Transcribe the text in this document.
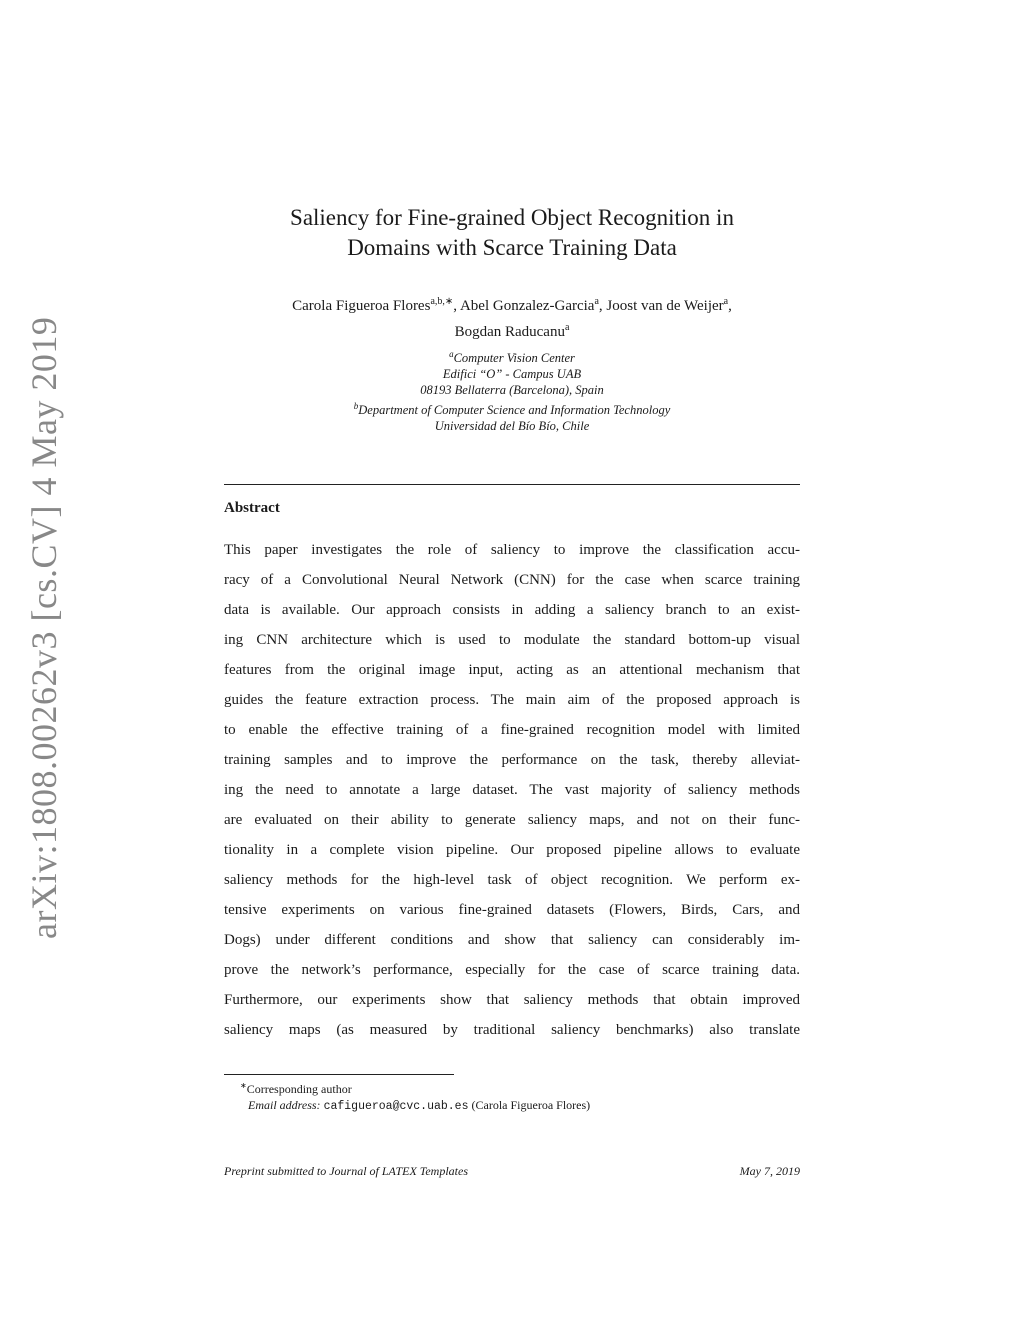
arXiv:1808.00262v3 [cs.CV] 4 May 2019
Saliency for Fine-grained Object Recognition in
Domains with Scarce Training Data
Carola Figueroa Flores$^{a,b,∗}$, Abel Gonzalez-Garcia$^a$, Joost van de Weijer$^a$,
Bogdan Raducanu$^a$
$^a$Computer Vision Center
Edifici “O” - Campus UAB
08193 Bellaterra (Barcelona), Spain
$^b$Department of Computer Science and Information Technology
Universidad del Bío Bío, Chile
Abstract
This paper investigates the role of saliency to improve the classification accu-
racy of a Convolutional Neural Network (CNN) for the case when scarce training
data is available. Our approach consists in adding a saliency branch to an exist-
ing CNN architecture which is used to modulate the standard bottom-up visual
features from the original image input, acting as an attentional mechanism that
guides the feature extraction process. The main aim of the proposed approach is
to enable the effective training of a fine-grained recognition model with limited
training samples and to improve the performance on the task, thereby alleviat-
ing the need to annotate a large dataset. The vast majority of saliency methods
are evaluated on their ability to generate saliency maps, and not on their func-
tionality in a complete vision pipeline. Our proposed pipeline allows to evaluate
saliency methods for the high-level task of object recognition. We perform ex-
tensive experiments on various fine-grained datasets (Flowers, Birds, Cars, and
Dogs) under different conditions and show that saliency can considerably im-
prove the network’s performance, especially for the case of scarce training data.
Furthermore, our experiments show that saliency methods that obtain improved
saliency maps (as measured by traditional saliency benchmarks) also translate
∗Corresponding author
Email address: cafigueroa@cvc.uab.es (Carola Figueroa Flores)
Preprint submitted to Journal of LATEX Templates	May 7, 2019
